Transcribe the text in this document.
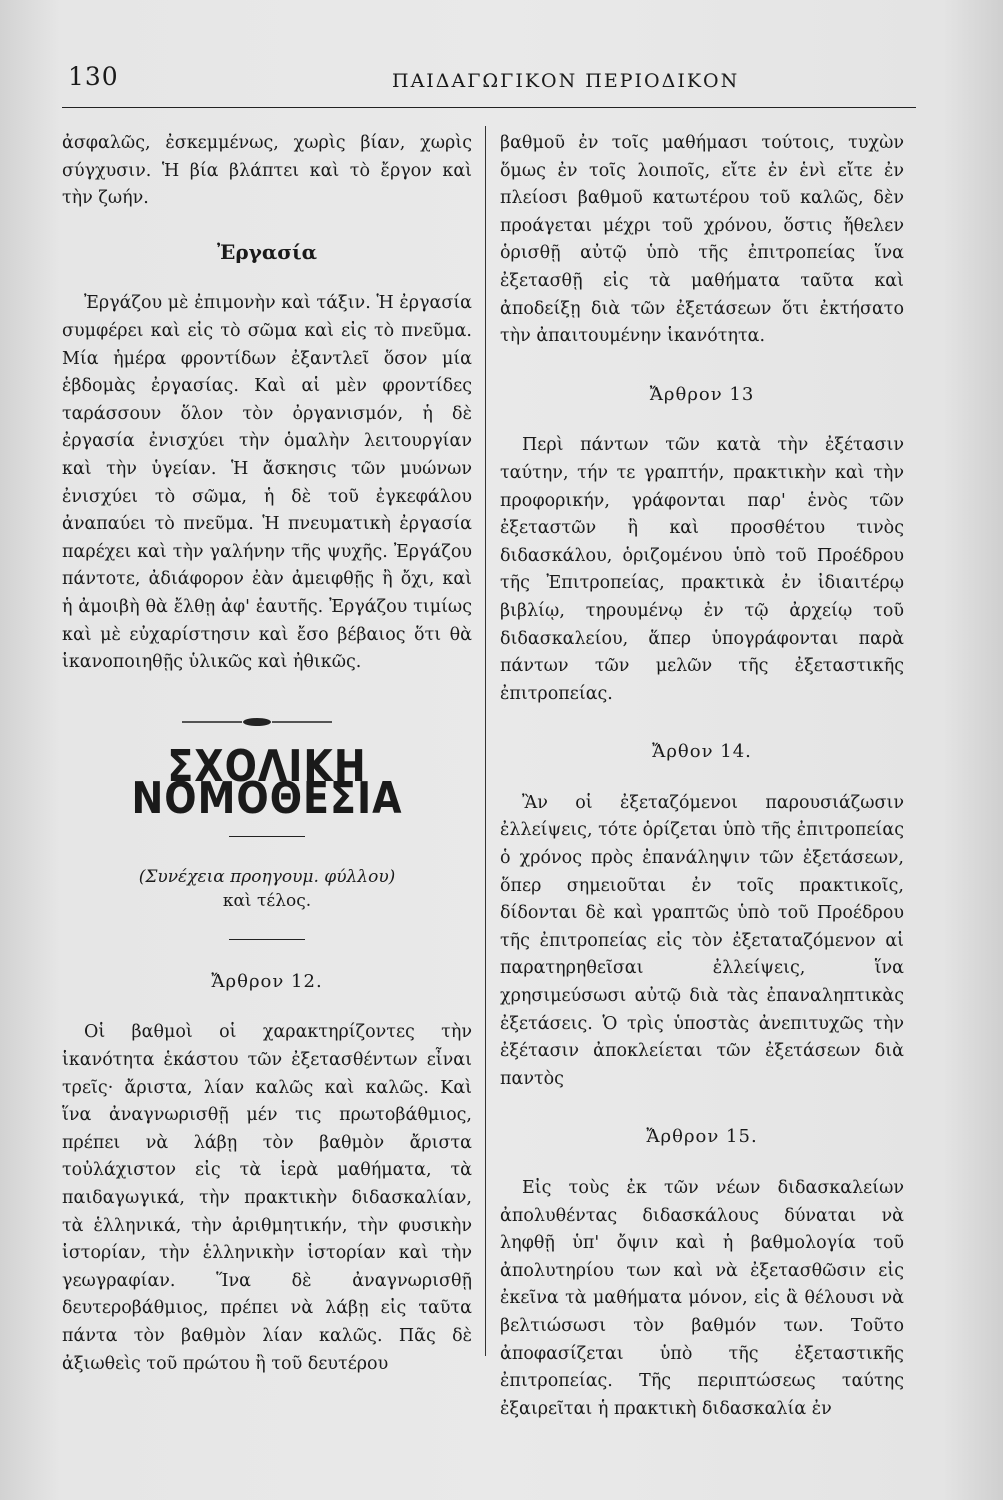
130	ΠΑΙΔΑΓΩΓΙΚΟΝ ΠΕΡΙΟΔΙΚΟΝ

ἀσφαλῶς, ἐσκεμμένως, χωρὶς βίαν, χωρὶς σύγχυσιν. Ἡ βία βλάπτει καὶ τὸ ἔργον καὶ τὴν ζωήν.

Ἐργασία

Ἐργάζου μὲ ἐπιμονὴν καὶ τάξιν. Ἡ ἐργασία συμφέρει καὶ εἰς τὸ σῶμα καὶ εἰς τὸ πνεῦμα. Μία ἡμέρα φροντίδων ἐξαντλεῖ ὅσον μία ἑβδομὰς ἐργασίας. Καὶ αἱ μὲν φροντίδες ταράσσουν ὅλον τὸν ὀργανισμόν, ἡ δὲ ἐργασία ἐνισχύει τὴν ὁμαλὴν λειτουργίαν καὶ τὴν ὑγείαν. Ἡ ἄσκησις τῶν μυώνων ἐνισχύει τὸ σῶμα, ἡ δὲ τοῦ ἐγκεφάλου ἀναπαύει τὸ πνεῦμα. Ἡ πνευματικὴ ἐργασία παρέχει καὶ τὴν γαλήνην τῆς ψυχῆς. Ἐργάζου πάντοτε, ἀδιάφορον ἐὰν ἀμειφθῇς ἢ ὄχι, καὶ ἡ ἀμοιβὴ θὰ ἔλθῃ ἀφ' ἑαυτῆς. Ἐργάζου τιμίως καὶ μὲ εὐχαρίστησιν καὶ ἔσο βέβαιος ὅτι θὰ ἱκανοποιηθῇς ὑλικῶς καὶ ἠθικῶς.

ΣΧΟΛΙΚΗ ΝΟΜΟΘΕΣΙΑ
(Συνέχεια προηγουμ. φύλλου)
καὶ τέλος.
Ἄρθρον 12.

Οἱ βαθμοὶ οἱ χαρακτηρίζοντες τὴν ἱκανότητα ἑκάστου τῶν ἐξετασθέντων εἶναι τρεῖς· ἄριστα, λίαν καλῶς καὶ καλῶς. Καὶ ἵνα ἀναγνωρισθῇ μέν τις πρωτοβάθμιος, πρέπει νὰ λάβῃ τὸν βαθμὸν ἄριστα τοὐλάχιστον εἰς τὰ ἱερὰ μαθήματα, τὰ παιδαγωγικά, τὴν πρακτικὴν διδασκαλίαν, τὰ ἑλληνικά, τὴν ἀριθμητικήν, τὴν φυσικὴν ἱστορίαν, τὴν ἑλληνικὴν ἱστορίαν καὶ τὴν γεωγραφίαν. Ἵνα δὲ ἀναγνωρισθῇ δευτεροβάθμιος, πρέπει νὰ λάβῃ εἰς ταῦτα πάντα τὸν βαθμὸν λίαν καλῶς. Πᾶς δὲ ἀξιωθεὶς τοῦ πρώτου ἢ τοῦ δευτέρου

βαθμοῦ ἐν τοῖς μαθήμασι τούτοις, τυχὼν ὅμως ἐν τοῖς λοιποῖς, εἴτε ἐν ἑνὶ εἴτε ἐν πλείοσι βαθμοῦ κατωτέρου τοῦ καλῶς, δὲν προάγεται μέχρι τοῦ χρόνου, ὅστις ἤθελεν ὁρισθῇ αὐτῷ ὑπὸ τῆς ἐπιτροπείας ἵνα ἐξετασθῇ εἰς τὰ μαθήματα ταῦτα καὶ ἀποδείξῃ διὰ τῶν ἐξετάσεων ὅτι ἐκτήσατο τὴν ἀπαιτουμένην ἱκανότητα.

Ἄρθρον 13

Περὶ πάντων τῶν κατὰ τὴν ἐξέτασιν ταύτην, τήν τε γραπτήν, πρακτικὴν καὶ τὴν προφορικήν, γράφονται παρ' ἑνὸς τῶν ἐξεταστῶν ἢ καὶ προσθέτου τινὸς διδασκάλου, ὁριζομένου ὑπὸ τοῦ Προέδρου τῆς Ἐπιτροπείας, πρακτικὰ ἐν ἰδιαιτέρῳ βιβλίῳ, τηρουμένῳ ἐν τῷ ἀρχείῳ τοῦ διδασκαλείου, ἅπερ ὑπογράφονται παρὰ πάντων τῶν μελῶν τῆς ἐξεταστικῆς ἐπιτροπείας.

Ἄρθον 14.

Ἂν οἱ ἐξεταζόμενοι παρουσιάζωσιν ἐλλείψεις, τότε ὁρίζεται ὑπὸ τῆς ἐπιτροπείας ὁ χρόνος πρὸς ἐπανάληψιν τῶν ἐξετάσεων, ὅπερ σημειοῦται ἐν τοῖς πρακτικοῖς, δίδονται δὲ καὶ γραπτῶς ὑπὸ τοῦ Προέδρου τῆς ἐπιτροπείας εἰς τὸν ἐξεταταζόμενον αἱ παρατηρηθεῖσαι ἐλλείψεις, ἵνα χρησιμεύσωσι αὐτῷ διὰ τὰς ἐπαναληπτικὰς ἐξετάσεις. Ὁ τρὶς ὑποστὰς ἀνεπιτυχῶς τὴν ἐξέτασιν ἀποκλείεται τῶν ἐξετάσεων διὰ παντὸς

Ἄρθρον 15.

Εἰς τοὺς ἐκ τῶν νέων διδασκαλείων ἀπολυθέντας διδασκάλους δύναται νὰ ληφθῇ ὑπ' ὄψιν καὶ ἡ βαθμολογία τοῦ ἀπολυτηρίου των καὶ νὰ ἐξετασθῶσιν εἰς ἐκεῖνα τὰ μαθήματα μόνον, εἰς ἃ θέλουσι νὰ βελτιώσωσι τὸν βαθμόν των. Τοῦτο ἀποφασίζεται ὑπὸ τῆς ἐξεταστικῆς ἐπιτροπείας. Τῆς περιπτώσεως ταύτης ἐξαιρεῖται ἡ πρακτικὴ διδασκαλία ἐν
